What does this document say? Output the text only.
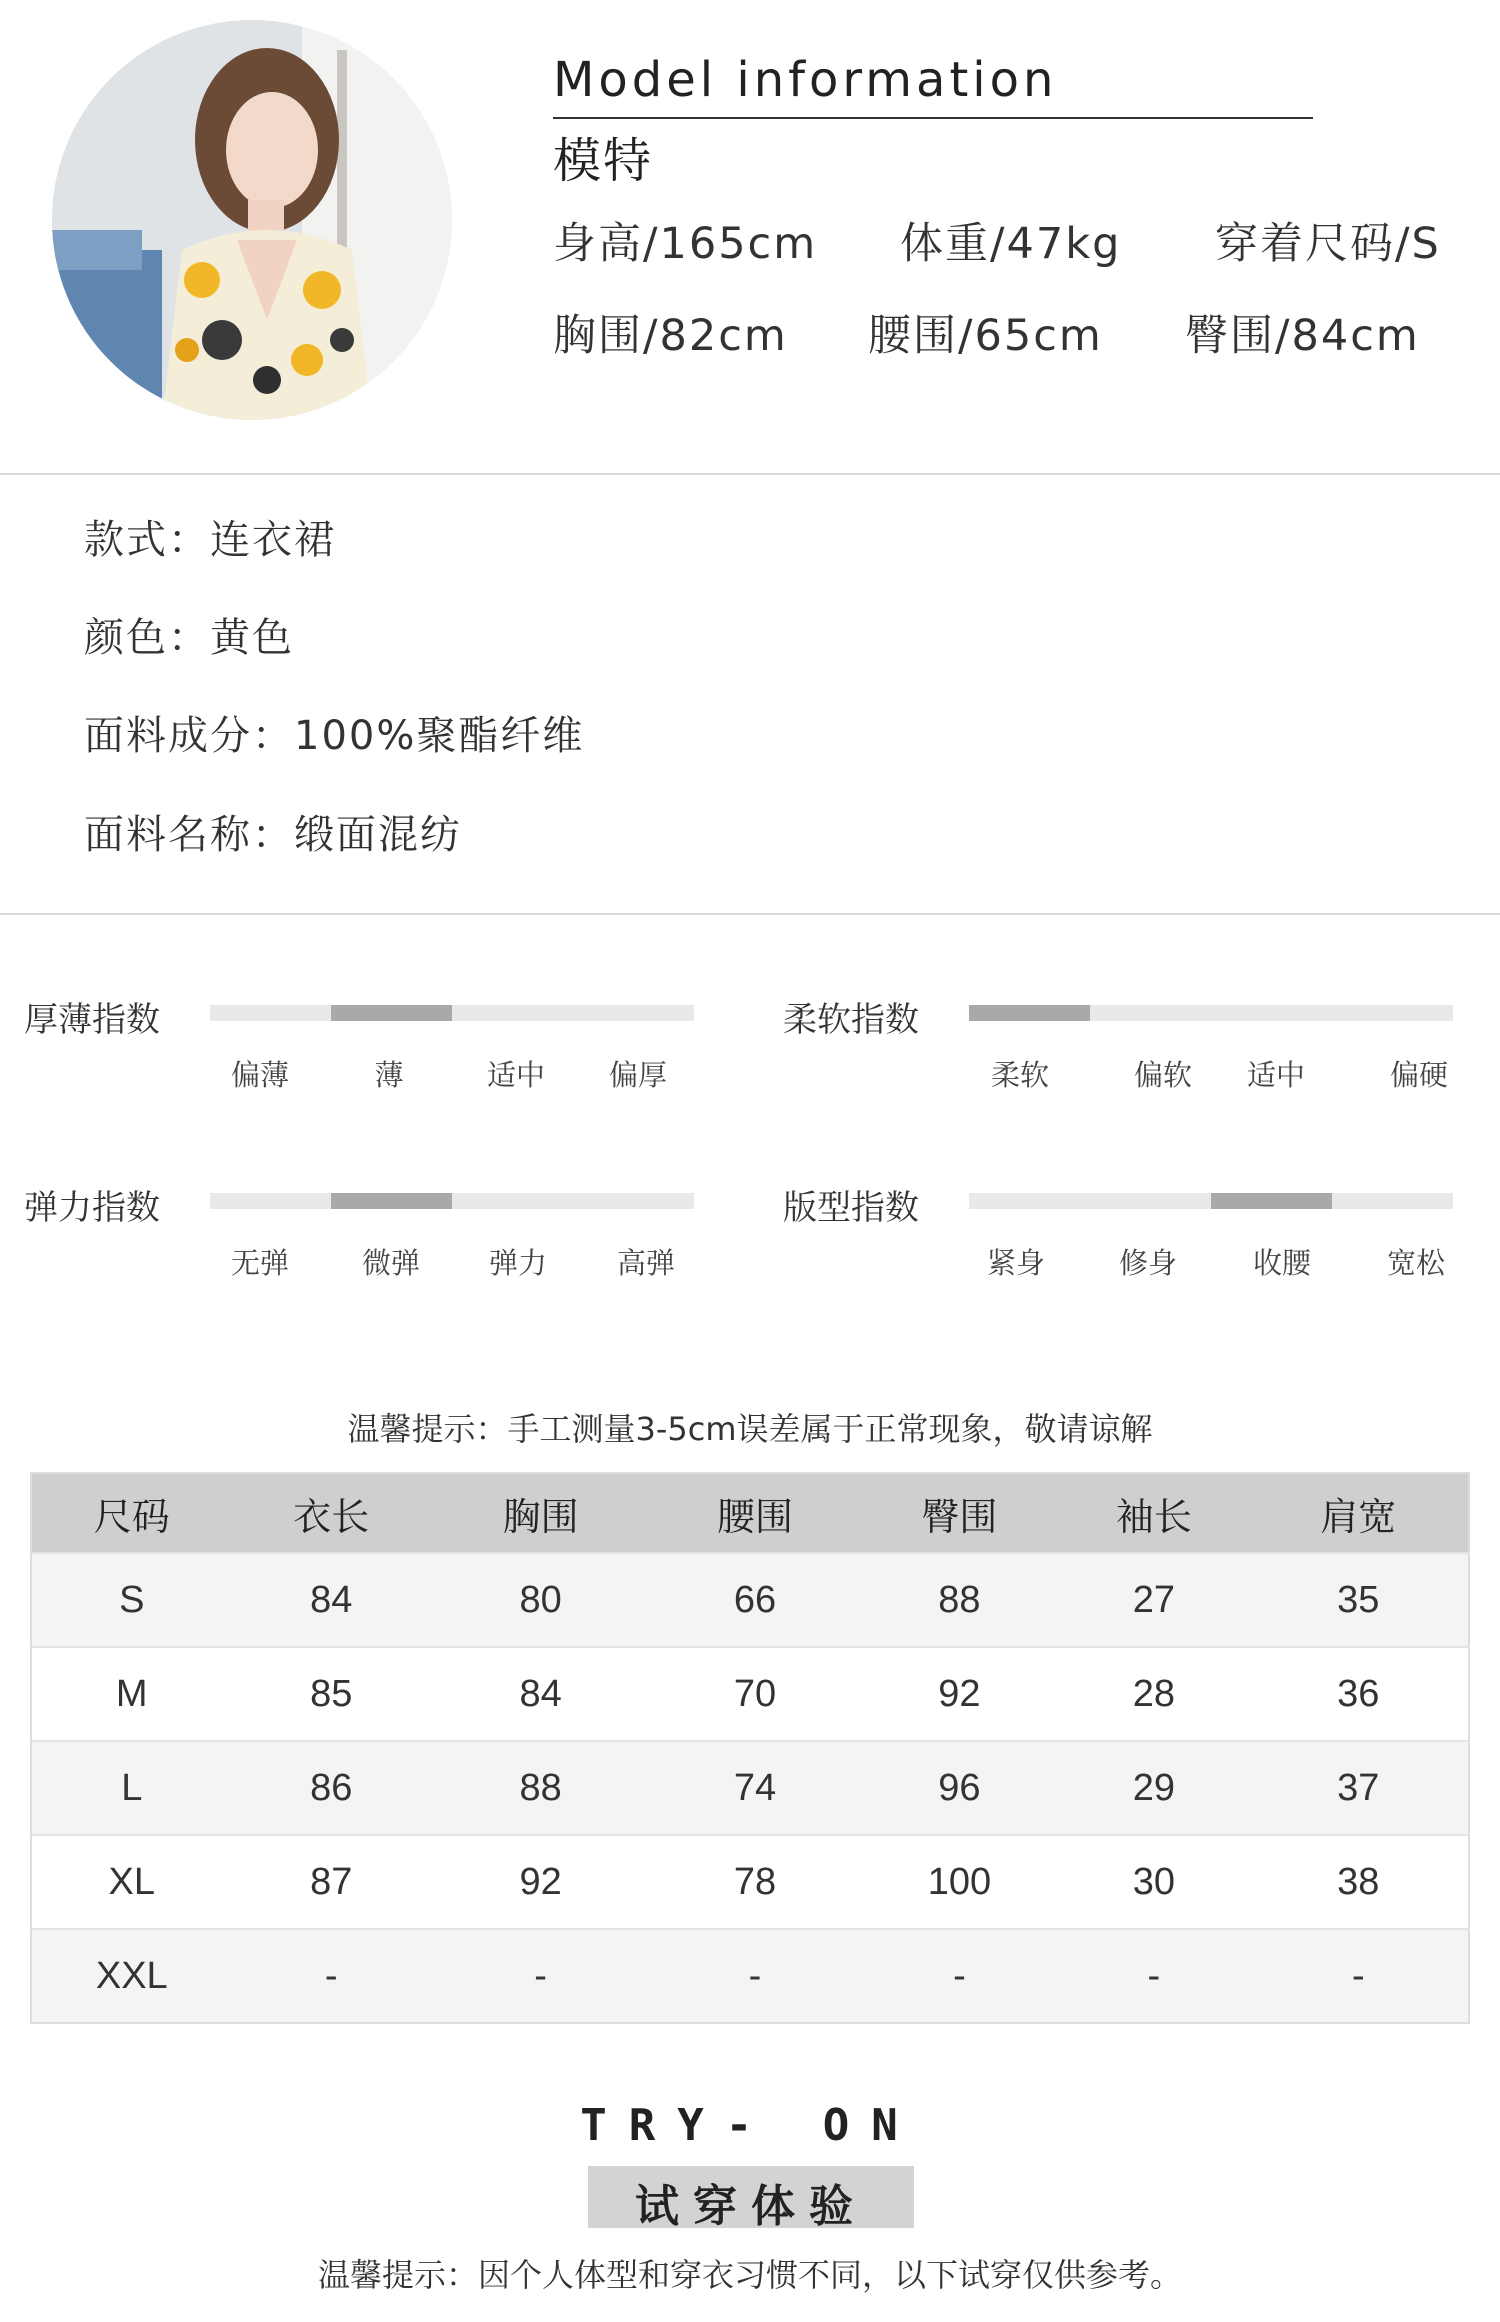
Model information
模特
身高/165cm 体重/47kg 穿着尺码/S
胸围/82cm 腰围/65cm 臀围/84cm
款式：连衣裙
颜色：黄色
面料成分：100%聚酯纤维
面料名称：缎面混纺
厚薄指数
偏薄	薄	适中 偏厚
柔软指数
柔软	偏软 适中	偏硬
弹力指数
无弹	微弹 弹力 高弹
版型指数
紧身	修身	收腰	宽松
温馨提示：手工测量3-5cm误差属于正常现象，敬请谅解
尺码	衣长	胸围	腰围	臀围	袖长	肩宽
S	84	80	66	88	27	35
M	85	84	70	92	28	36
L	86	88	74	96	29	37
XL	87	92	78	100	30	38
XXL	-	-	-	-	-	-
TRY- ON
试穿体验
温馨提示：因个人体型和穿衣习惯不同，以下试穿仅供参考。
